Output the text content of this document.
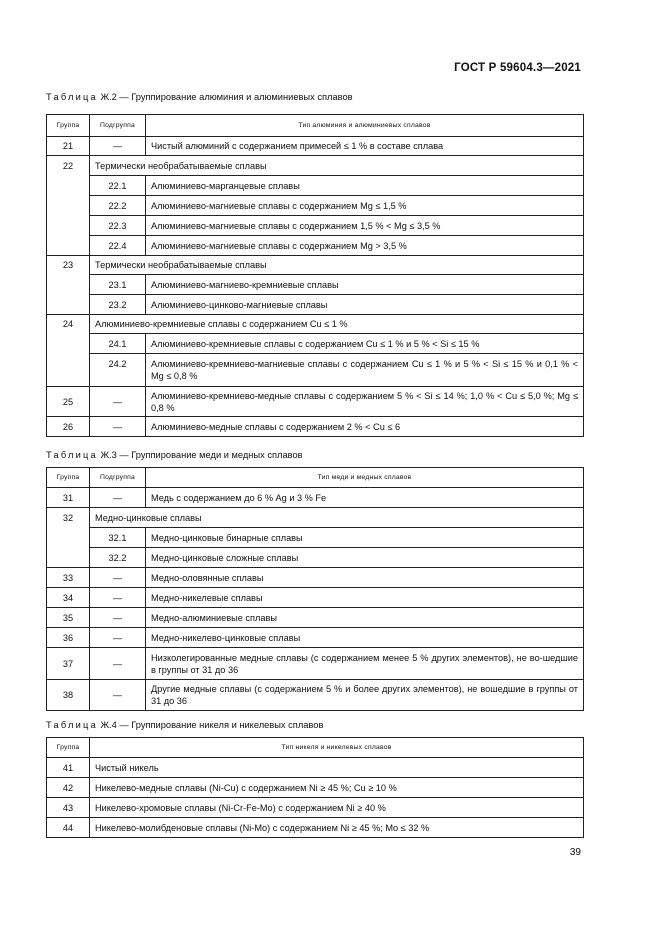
ГОСТ Р 59604.3—2021
Таблица Ж.2 — Группирование алюминия и алюминиевых сплавов
Группа	Подгруппа	Тип алюминия и алюминиевых сплавов
21	—	Чистый алюминий с содержанием примесей ≤ 1 % в составе сплава
22	Термически необрабатываемые сплавы	
	22.1	Алюминиево-марганцевые сплавы
	22.2	Алюминиево-магниевые сплавы с содержанием Mg ≤ 1,5 %
	22.3	Алюминиево-магниевые сплавы с содержанием 1,5 % < Mg ≤ 3,5 %
	22.4	Алюминиево-магниевые сплавы с содержанием Mg > 3,5 %
23	Термически необрабатываемые сплавы	
	23.1	Алюминиево-магниево-кремниевые сплавы
	23.2	Алюминиево-цинково-магниевые сплавы
24	Алюминиево-кремниевые сплавы с содержанием Cu ≤ 1 %	
	24.1	Алюминиево-кремниевые сплавы с содержанием Cu ≤ 1 % и 5 % < Si ≤ 15 %
	24.2	Алюминиево-кремниево-магниевые сплавы с содержанием Cu ≤ 1 % и 5 % < Si ≤ 15 % и 0,1 % < Mg ≤ 0,8 %
25	—	Алюминиево-кремниево-медные сплавы с содержанием 5 % < Si ≤ 14 %; 1,0 % < Cu ≤ 5,0 %; Mg ≤ 0,8 %
26	—	Алюминиево-медные сплавы с содержанием 2 % < Cu ≤ 6
Таблица Ж.3 — Группирование меди и медных сплавов
Группа	Подгруппа	Тип меди и медных сплавов
31	—	Медь с содержанием до 6 % Ag и 3 % Fe
32	Медно-цинковые сплавы	
	32.1	Медно-цинковые бинарные сплавы
	32.2	Медно-цинковые сложные сплавы
33	—	Медно-оловянные сплавы
34	—	Медно-никелевые сплавы
35	—	Медно-алюминиевые сплавы
36	—	Медно-никелево-цинковые сплавы
37	—	Низколегированные медные сплавы (с содержанием менее 5 % других элементов), не во-шедшие в группы от 31 до 36
38	—	Другие медные сплавы (с содержанием 5 % и более других элементов), не вошедшие в группы от 31 до 36
Таблица Ж.4 — Группирование никеля и никелевых сплавов
Группа	Тип никеля и никелевых сплавов
41	Чистый никель
42	Никелево-медные сплавы (Ni-Cu) с содержанием Ni ≥ 45 %; Cu ≥ 10 %
43	Никелево-хромовые сплавы (Ni-Cr-Fe-Mo) с содержанием Ni ≥ 40 %
44	Никелево-молибденовые сплавы (Ni-Mo) с содержанием Ni ≥ 45 %; Mo ≤ 32 %
39
